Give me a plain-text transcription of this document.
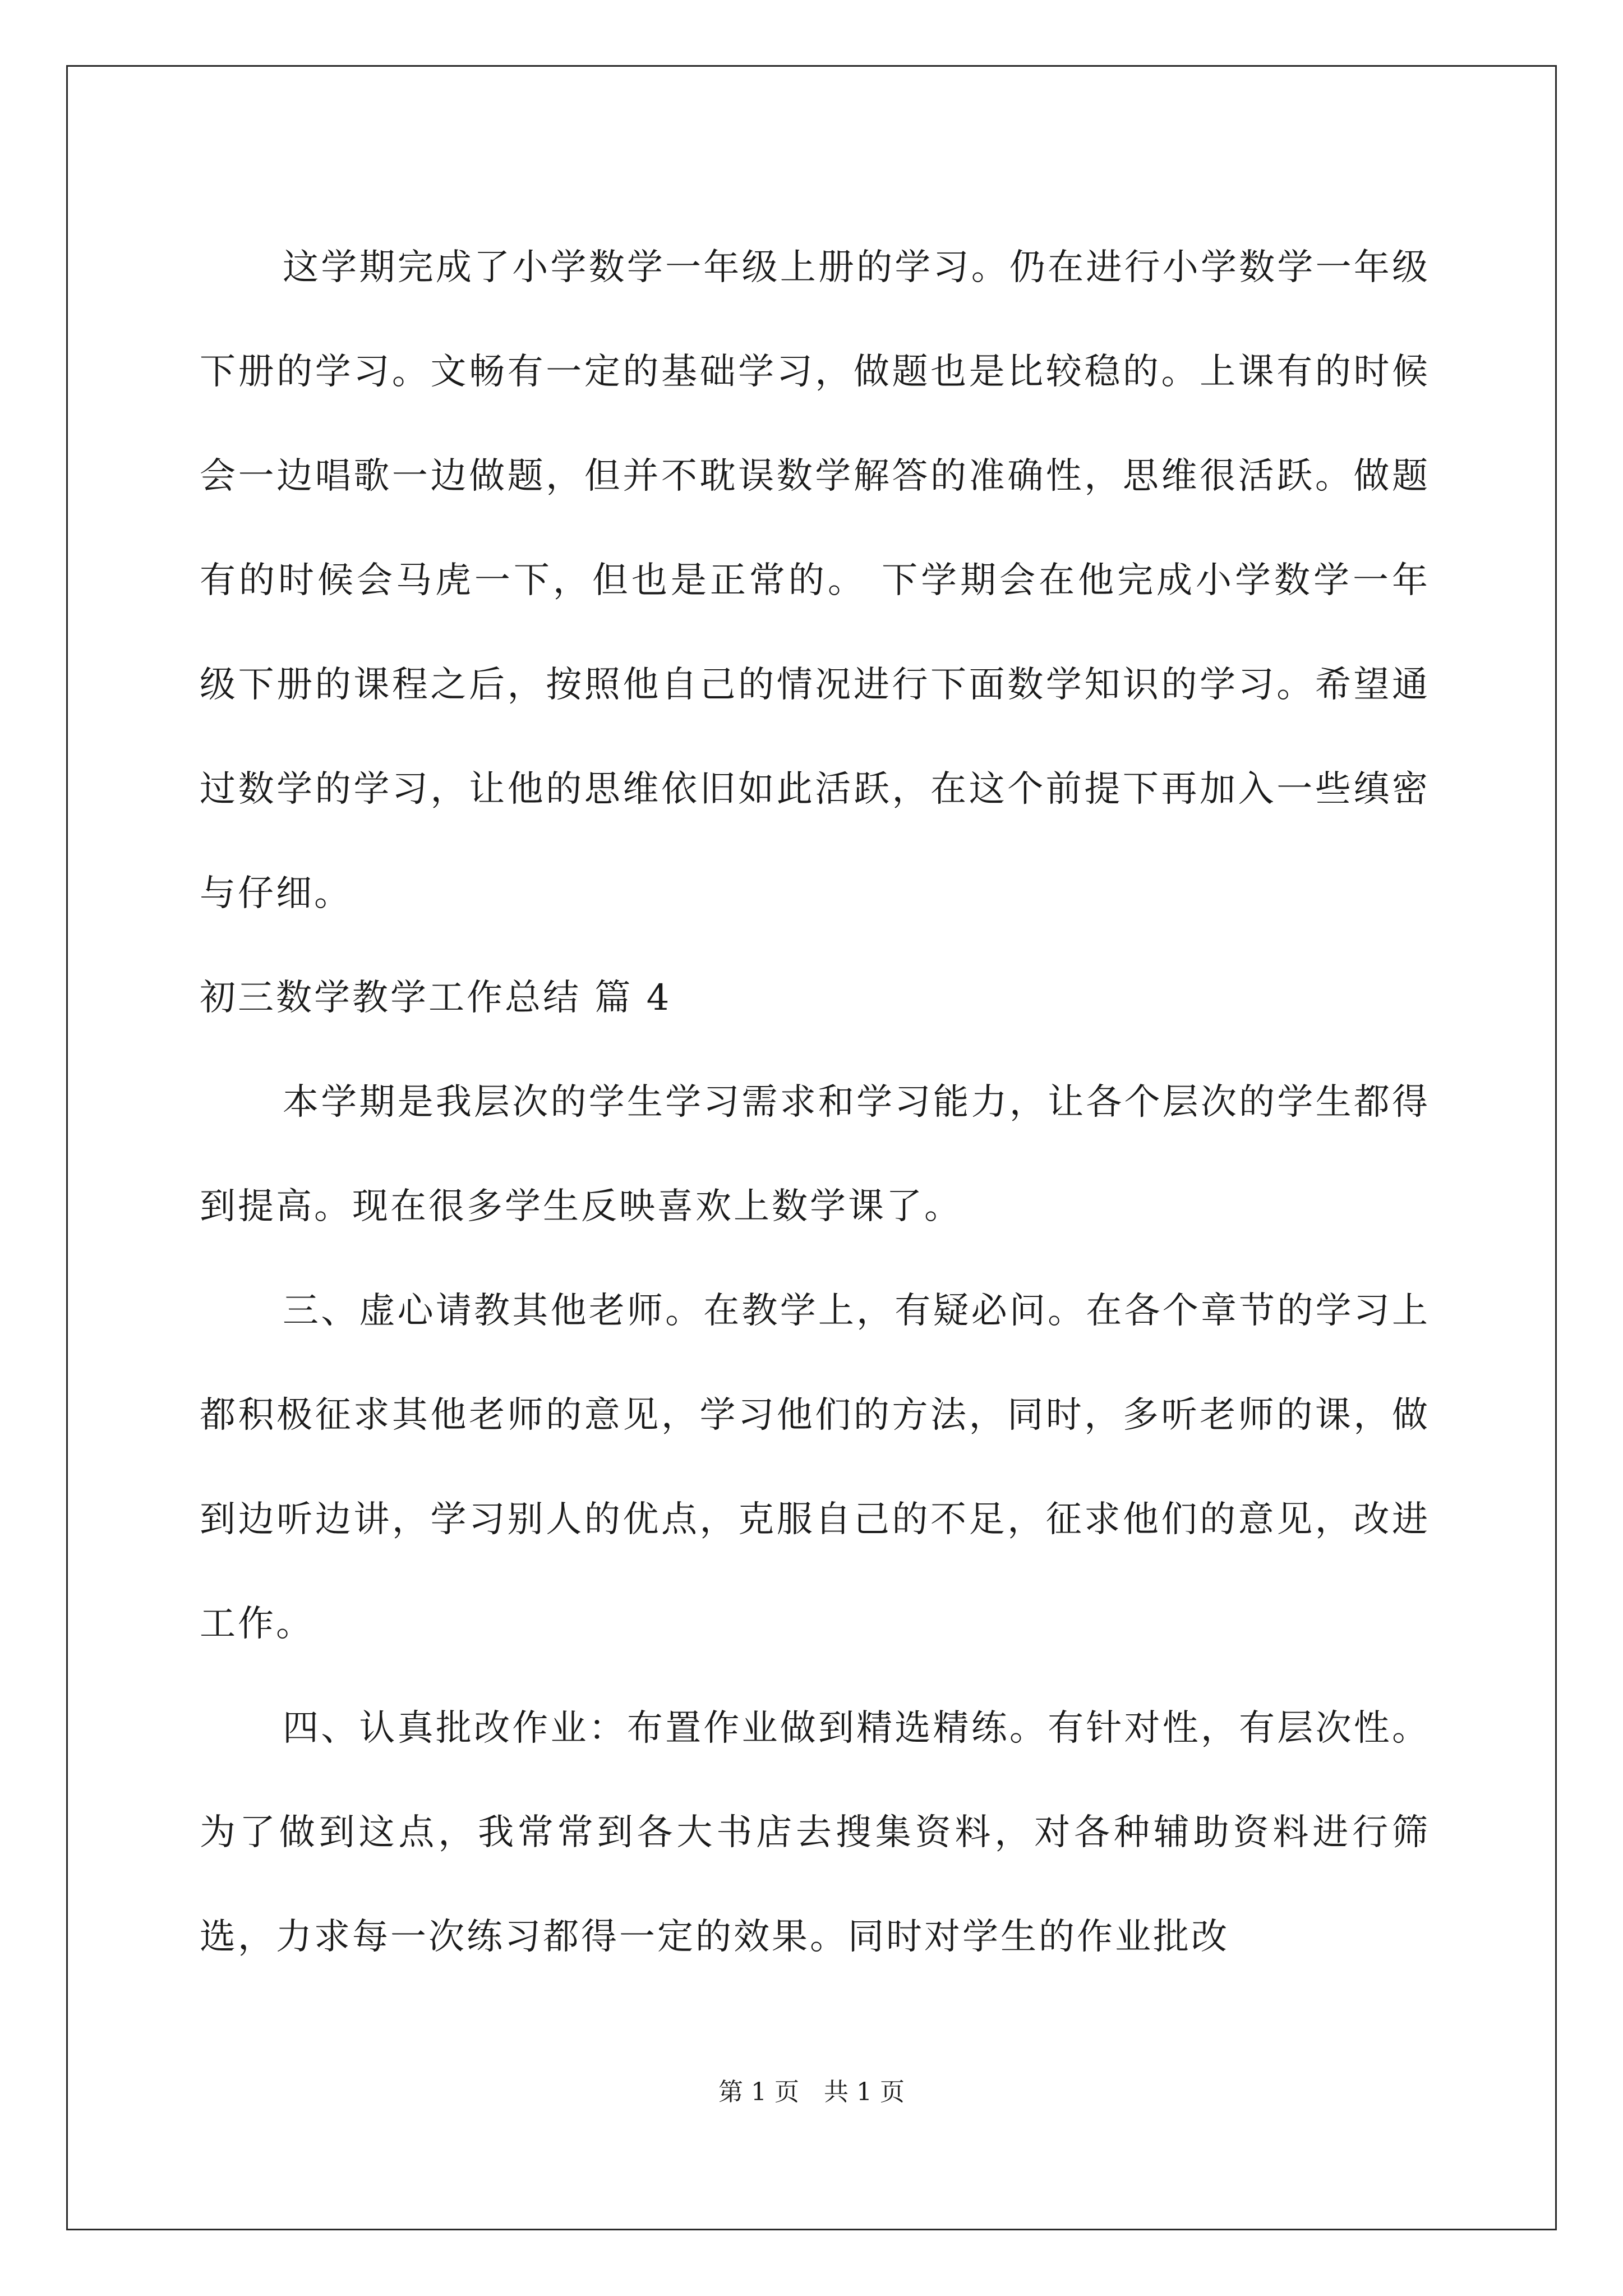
这学期完成了小学数学一年级上册的学习。仍在进行小学数学一年级下册的学习。文畅有一定的基础学习，做题也是比较稳的。上课有的时候会一边唱歌一边做题，但并不耽误数学解答的准确性，思维很活跃。做题有的时候会马虎一下，但也是正常的。 下学期会在他完成小学数学一年级下册的课程之后，按照他自己的情况进行下面数学知识的学习。希望通过数学的学习，让他的思维依旧如此活跃，在这个前提下再加入一些缜密与仔细。

初三数学教学工作总结 篇 4

本学期是我层次的学生学习需求和学习能力，让各个层次的学生都得到提高。现在很多学生反映喜欢上数学课了。

三、虚心请教其他老师。在教学上，有疑必问。在各个章节的学习上都积极征求其他老师的意见，学习他们的方法，同时，多听老师的课，做到边听边讲，学习别人的优点，克服自己的不足，征求他们的意见，改进工作。

四、认真批改作业：布置作业做到精选精练。有针对性，有层次性。为了做到这点，我常常到各大书店去搜集资料，对各种辅助资料进行筛选，力求每一次练习都得一定的效果。同时对学生的作业批改

第 1 页 共 1 页
